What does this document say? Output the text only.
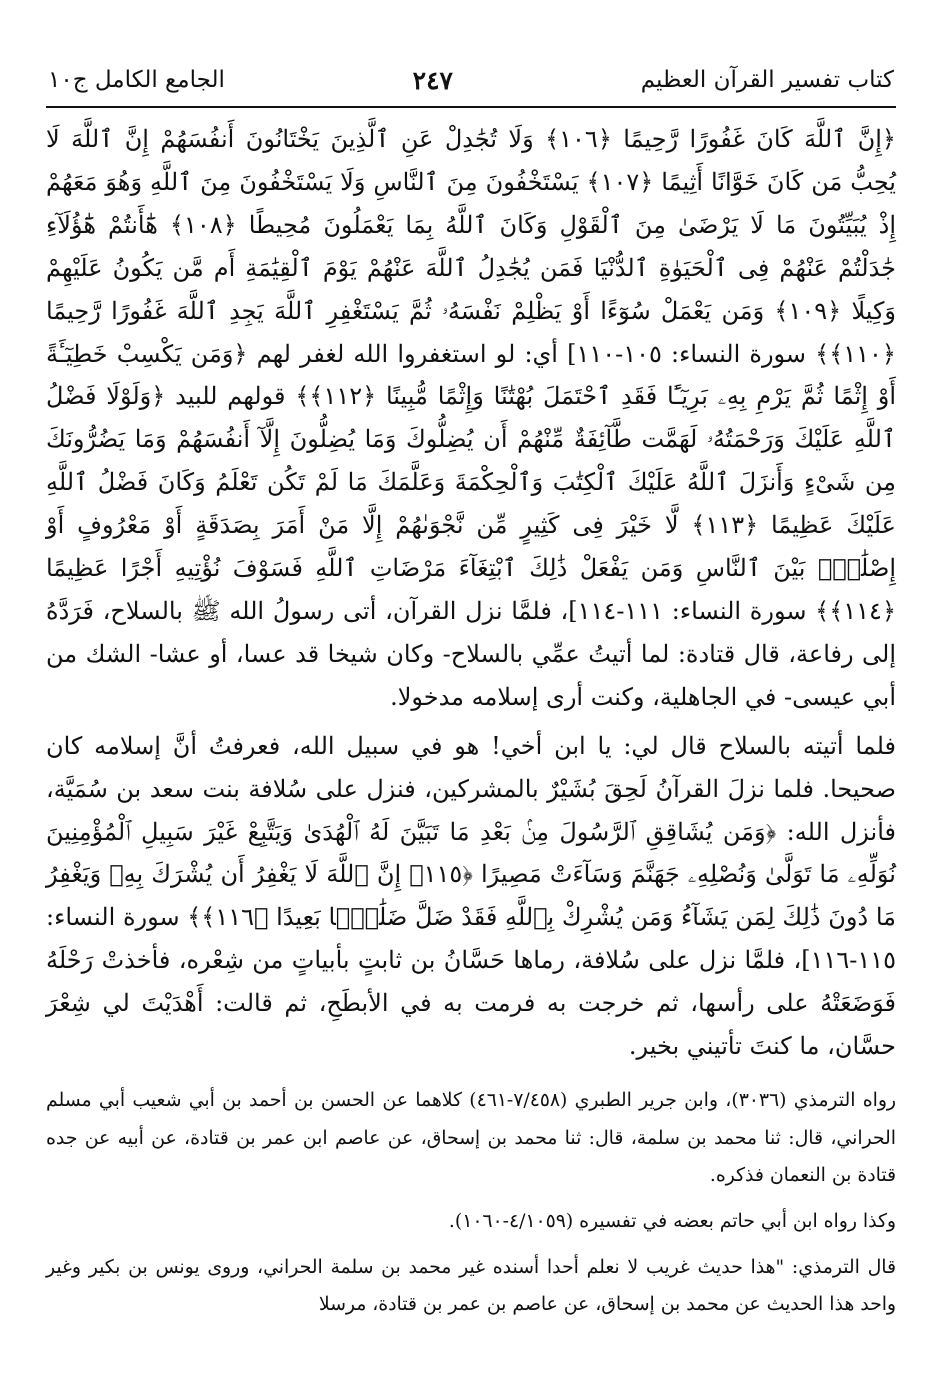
كتاب تفسير القرآن العظيم
٢٤٧
الجامع الكامل ج١٠

﴿إِنَّ ٱللَّهَ كَانَ غَفُورًا رَّحِيمًا ﴿١٠٦﴾ وَلَا تُجَٰدِلْ عَنِ ٱلَّذِينَ يَخْتَانُونَ أَنفُسَهُمْ إِنَّ ٱللَّهَ لَا يُحِبُّ مَن كَانَ خَوَّانًا أَثِيمًا ﴿١٠٧﴾ يَسْتَخْفُونَ مِنَ ٱلنَّاسِ وَلَا يَسْتَخْفُونَ مِنَ ٱللَّهِ وَهُوَ مَعَهُمْ إِذْ يُبَيِّتُونَ مَا لَا يَرْضَىٰ مِنَ ٱلْقَوْلِ وَكَانَ ٱللَّهُ بِمَا يَعْمَلُونَ مُحِيطًا ﴿١٠٨﴾ هَٰٓأَنتُمْ هَٰٓؤُلَآءِ جَٰدَلْتُمْ عَنْهُمْ فِى ٱلْحَيَوٰةِ ٱلدُّنْيَا فَمَن يُجَٰدِلُ ٱللَّهَ عَنْهُمْ يَوْمَ ٱلْقِيَٰمَةِ أَم مَّن يَكُونُ عَلَيْهِمْ وَكِيلًا ﴿١٠٩﴾ وَمَن يَعْمَلْ سُوٓءًا أَوْ يَظْلِمْ نَفْسَهُۥ ثُمَّ يَسْتَغْفِرِ ٱللَّهَ يَجِدِ ٱللَّهَ غَفُورًا رَّحِيمًا ﴿١١٠﴾﴾ سورة النساء: ١٠٥-١١٠] أي: لو استغفروا الله لغفر لهم ﴿وَمَن يَكْسِبْ خَطِيٓـَٔةً أَوْ إِثْمًا ثُمَّ يَرْمِ بِهِۦ بَرِيٓـًٔا فَقَدِ ٱحْتَمَلَ بُهْتَٰنًا وَإِثْمًا مُّبِينًا ﴿١١٢﴾﴾ قولهم للبيد ﴿وَلَوْلَا فَضْلُ ٱللَّهِ عَلَيْكَ وَرَحْمَتُهُۥ لَهَمَّت طَّآئِفَةٌ مِّنْهُمْ أَن يُضِلُّوكَ وَمَا يُضِلُّونَ إِلَّآ أَنفُسَهُمْ وَمَا يَضُرُّونَكَ مِن شَىْءٍ وَأَنزَلَ ٱللَّهُ عَلَيْكَ ٱلْكِتَٰبَ وَٱلْحِكْمَةَ وَعَلَّمَكَ مَا لَمْ تَكُن تَعْلَمُ وَكَانَ فَضْلُ ٱللَّهِ عَلَيْكَ عَظِيمًا ﴿١١٣﴾ لَّا خَيْرَ فِى كَثِيرٍ مِّن نَّجْوَىٰهُمْ إِلَّا مَنْ أَمَرَ بِصَدَقَةٍ أَوْ مَعْرُوفٍ أَوْ إِصْلَٰحٍۭ بَيْنَ ٱلنَّاسِ وَمَن يَفْعَلْ ذَٰلِكَ ٱبْتِغَآءَ مَرْضَاتِ ٱللَّهِ فَسَوْفَ نُؤْتِيهِ أَجْرًا عَظِيمًا ﴿١١٤﴾﴾ سورة النساء: ١١١-١١٤]، فلمَّا نزل القرآن، أتى رسولُ الله ﷺ بالسلاح، فَرَدَّهُ إلى رفاعة، قال قتادة: لما أتيتُ عمِّي بالسلاح- وكان شيخا قد عسا، أو عشا- الشك من أبي عيسى- في الجاهلية، وكنت أرى إسلامه مدخولا.

فلما أتيته بالسلاح قال لي: يا ابن أخي! هو في سبيل الله، فعرفتُ أنَّ إسلامه كان صحيحا. فلما نزلَ القرآنُ لَحِقَ بُشَيْرٌ بالمشركين، فنزل على سُلافة بنت سعد بن سُمَيَّة، فأنزل الله: ﴿وَمَن يُشَاقِقِ ٱلرَّسُولَ مِنۢ بَعْدِ مَا تَبَيَّنَ لَهُ ٱلْهُدَىٰ وَيَتَّبِعْ غَيْرَ سَبِيلِ ٱلْمُؤْمِنِينَ نُوَلِّهِۦ مَا تَوَلَّىٰ وَنُصْلِهِۦ جَهَنَّمَ وَسَآءَتْ مَصِيرًا ﴿١١٥﴾ إِنَّ ٱللَّهَ لَا يَغْفِرُ أَن يُشْرَكَ بِهِۦ وَيَغْفِرُ مَا دُونَ ذَٰلِكَ لِمَن يَشَآءُ وَمَن يُشْرِكْ بِٱللَّهِ فَقَدْ ضَلَّ ضَلَٰلًۢا بَعِيدًا ﴿١١٦﴾﴾ سورة النساء: ١١٥-١١٦]، فلمَّا نزل على سُلافة، رماها حَسَّانُ بن ثابتٍ بأبياتٍ من شِعْره، فأخذتْ رَحْلَهُ فَوَضَعَتْهُ على رأسها، ثم خرجت به فرمت به في الأبطَحِ، ثم قالت: أَهْدَيْتَ لي شِعْرَ حسَّان، ما كنتَ تأتيني بخير.

رواه الترمذي (٣٠٣٦)، وابن جرير الطبري (٧/٤٥٨-٤٦١) كلاهما عن الحسن بن أحمد بن أبي شعيب أبي مسلم الحراني، قال: ثنا محمد بن سلمة، قال: ثنا محمد بن إسحاق، عن عاصم ابن عمر بن قتادة، عن أبيه عن جده قتادة بن النعمان فذكره.

وكذا رواه ابن أبي حاتم بعضه في تفسيره (٤/١٠٥٩-١٠٦٠).

قال الترمذي: "هذا حديث غريب لا نعلم أحدا أسنده غير محمد بن سلمة الحراني، وروى يونس بن بكير وغير واحد هذا الحديث عن محمد بن إسحاق، عن عاصم بن عمر بن قتادة، مرسلا
